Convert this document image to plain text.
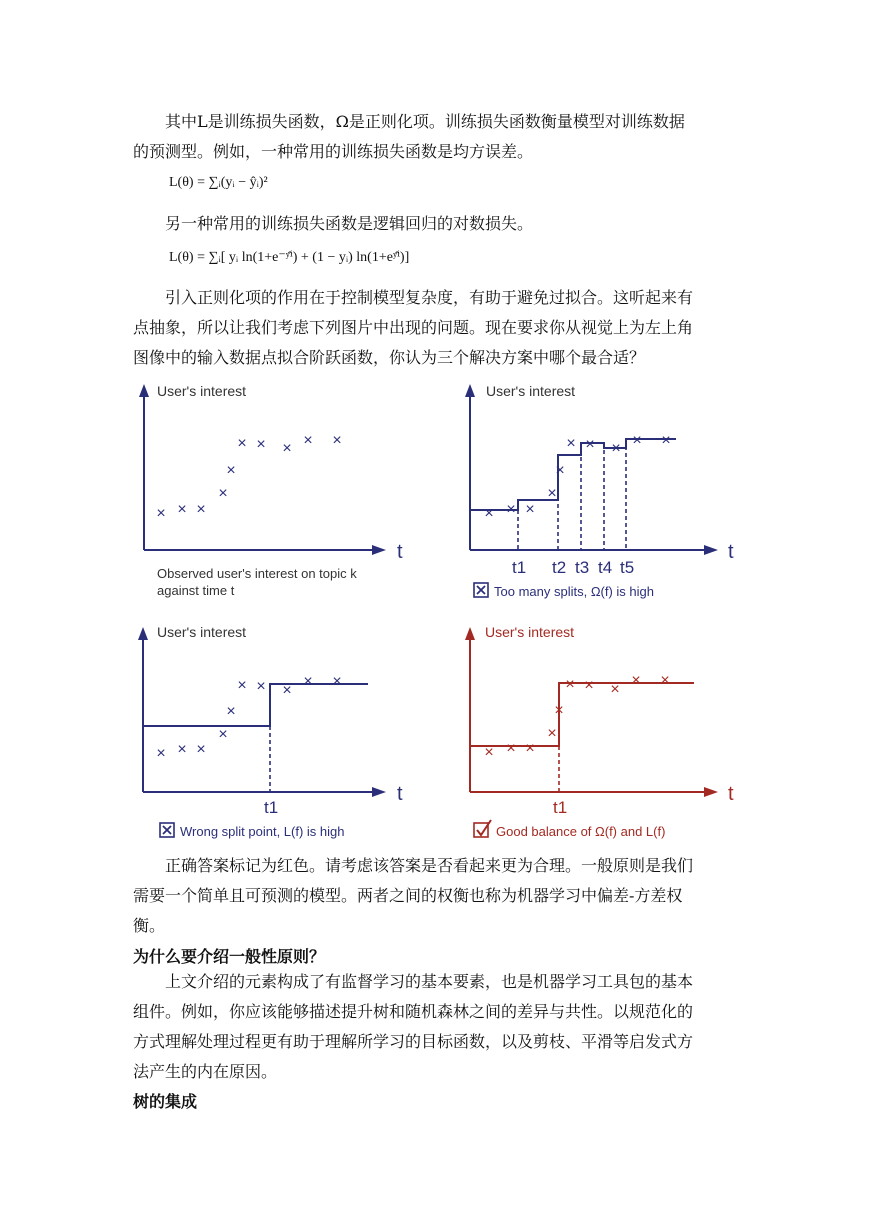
其中L是训练损失函数，Ω是正则化项。训练损失函数衡量模型对训练数据
的预测型。例如，一种常用的训练损失函数是均方误差。
L(θ) = ∑ᵢ(yᵢ − ŷᵢ)²
另一种常用的训练损失函数是逻辑回归的对数损失。
L(θ) = ∑ᵢ[ yᵢ ln(1+e⁻ʸ̂ⁱ) + (1 − yᵢ) ln(1+eʸ̂ⁱ)]
引入正则化项的作用在于控制模型复杂度，有助于避免过拟合。这听起来有
点抽象，所以让我们考虑下列图片中出现的问题。现在要求你从视觉上为左上角
图像中的输入数据点拟合阶跃函数，你认为三个解决方案中哪个最合适？
User's interest
t
× × ×
×
×
× × × × ×
Observed user's interest on topic k
against time t
User's interest
t
× × ×
×
×
× × × × ×
t1 t2 t3 t4 t5
Too many splits, Ω(f) is high
User's interest
t
× × ×
×
×
× × ×
× ×
t1
Wrong split point, L(f) is high
User's interest
t
× × ×
×
×
× × ×
× ×
t1
Good balance of Ω(f) and L(f)
正确答案标记为红色。请考虑该答案是否看起来更为合理。一般原则是我们
需要一个简单且可预测的模型。两者之间的权衡也称为机器学习中偏差-方差权
衡。
为什么要介绍一般性原则？
上文介绍的元素构成了有监督学习的基本要素，也是机器学习工具包的基本
组件。例如，你应该能够描述提升树和随机森林之间的差异与共性。以规范化的
方式理解处理过程更有助于理解所学习的目标函数，以及剪枝、平滑等启发式方
法产生的内在原因。
树的集成
